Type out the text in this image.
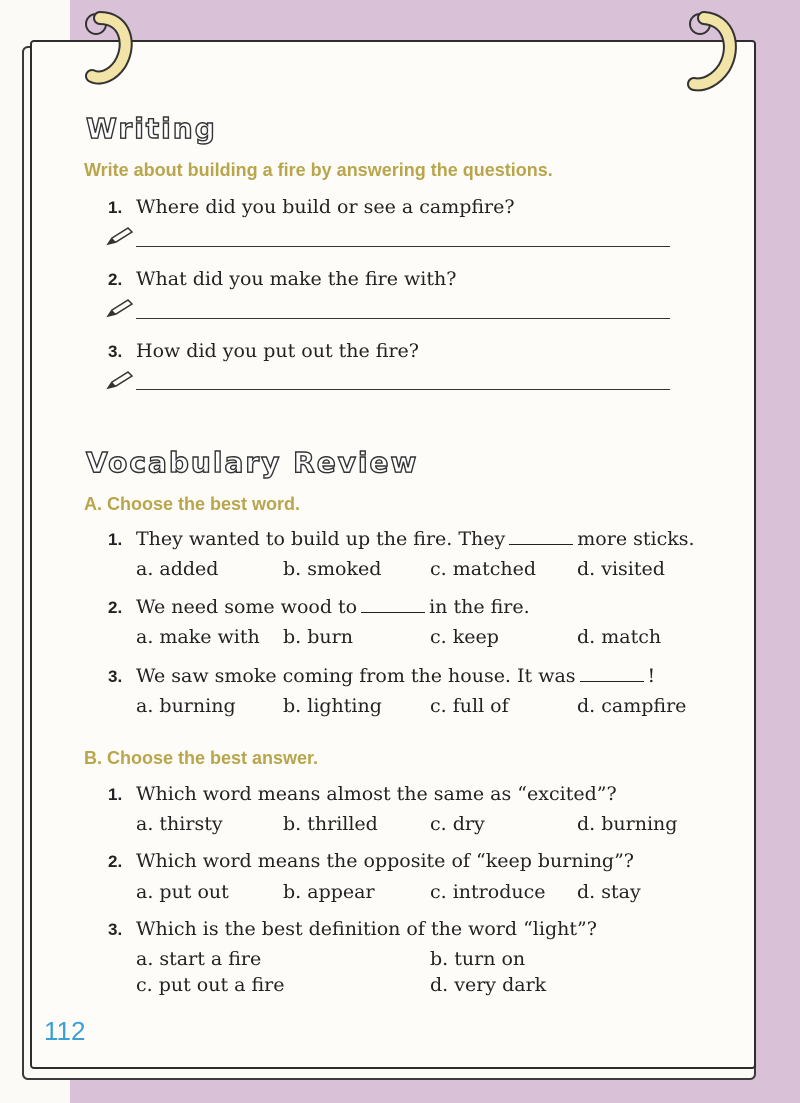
Writing
Write about building a fire by answering the questions.
1. Where did you build or see a campfire?
2. What did you make the fire with?
3. How did you put out the fire?
Vocabulary Review
A. Choose the best word.
1. They wanted to build up the fire. They	more sticks.
a. added	b. smoked	c. matched d. visited
2. We need some wood to	in the fire.
a. make with b. burn	c. keep	d. match
3. We saw smoke coming from the house. It was	!
a. burning b. lighting	c. full of	d. campfire
B. Choose the best answer.
1. Which word means almost the same as “excited”?
a. thirsty	b. thrilled	c. dry	d. burning
2. Which word means the opposite of “keep burning”?
a. put out	b. appear	c. introduce d. stay
3. Which is the best definition of the word “light”?
a. start a fire	b. turn on
c. put out a fire	d. very dark
112
